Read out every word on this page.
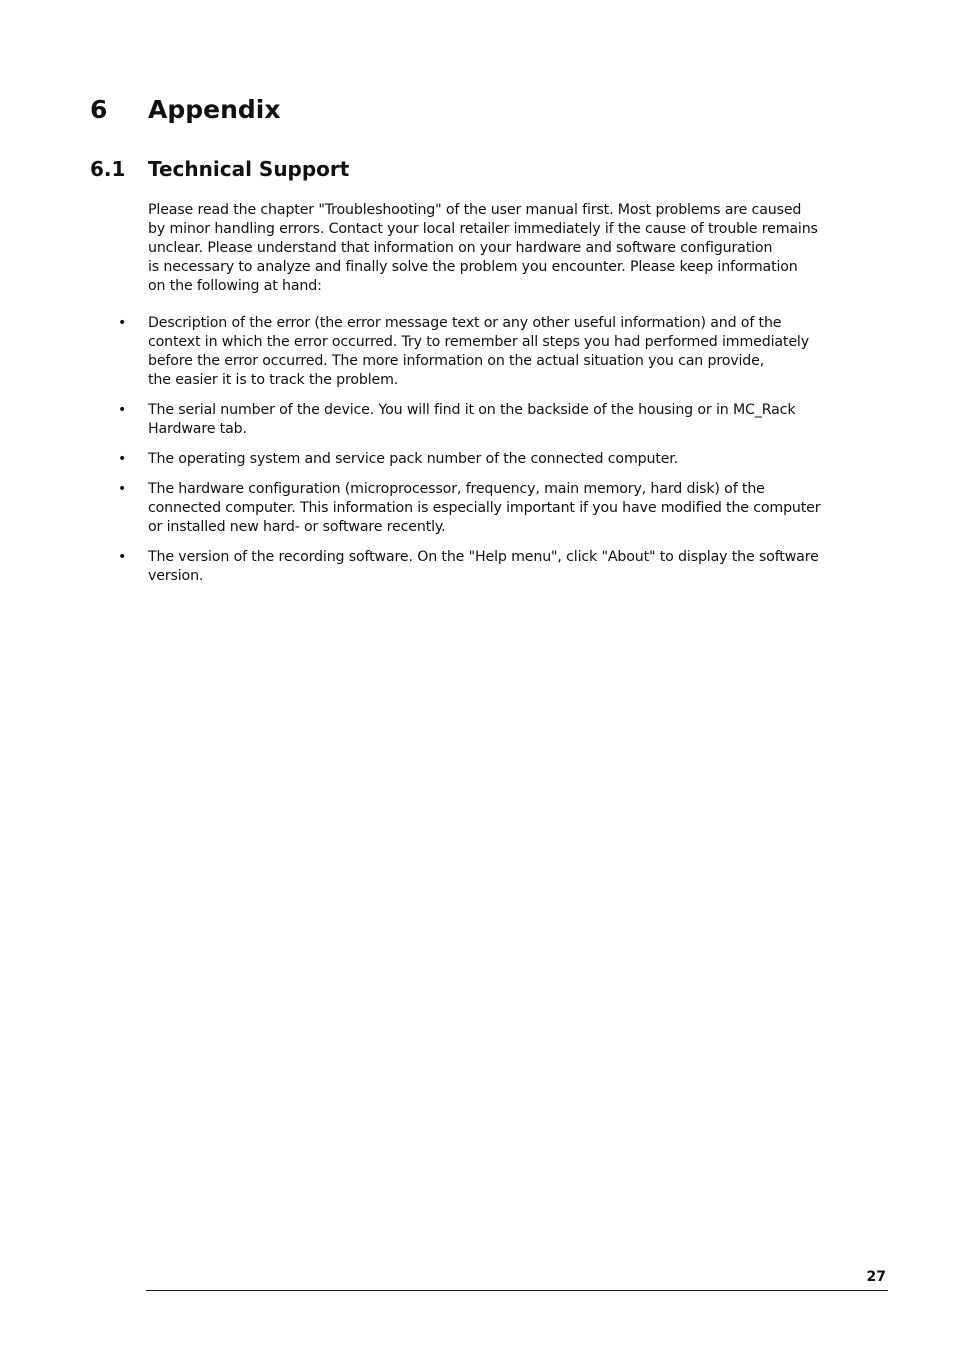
6 Appendix
6.1 Technical Support

Please read the chapter "Troubleshooting" of the user manual first. Most problems are caused
by minor handling errors. Contact your local retailer immediately if the cause of trouble remains
unclear. Please understand that information on your hardware and software configuration
is necessary to analyze and finally solve the problem you encounter. Please keep information
on the following at hand:

• Description of the error (the error message text or any other useful information) and of the
context in which the error occurred. Try to remember all steps you had performed immediately
before the error occurred. The more information on the actual situation you can provide,
the easier it is to track the problem.
• The serial number of the device. You will find it on the backside of the housing or in MC_Rack
Hardware tab.
• The operating system and service pack number of the connected computer.
• The hardware configuration (microprocessor, frequency, main memory, hard disk) of the
connected computer. This information is especially important if you have modified the computer
or installed new hard- or software recently.
• The version of the recording software. On the "Help menu", click "About" to display the software
version.
27
